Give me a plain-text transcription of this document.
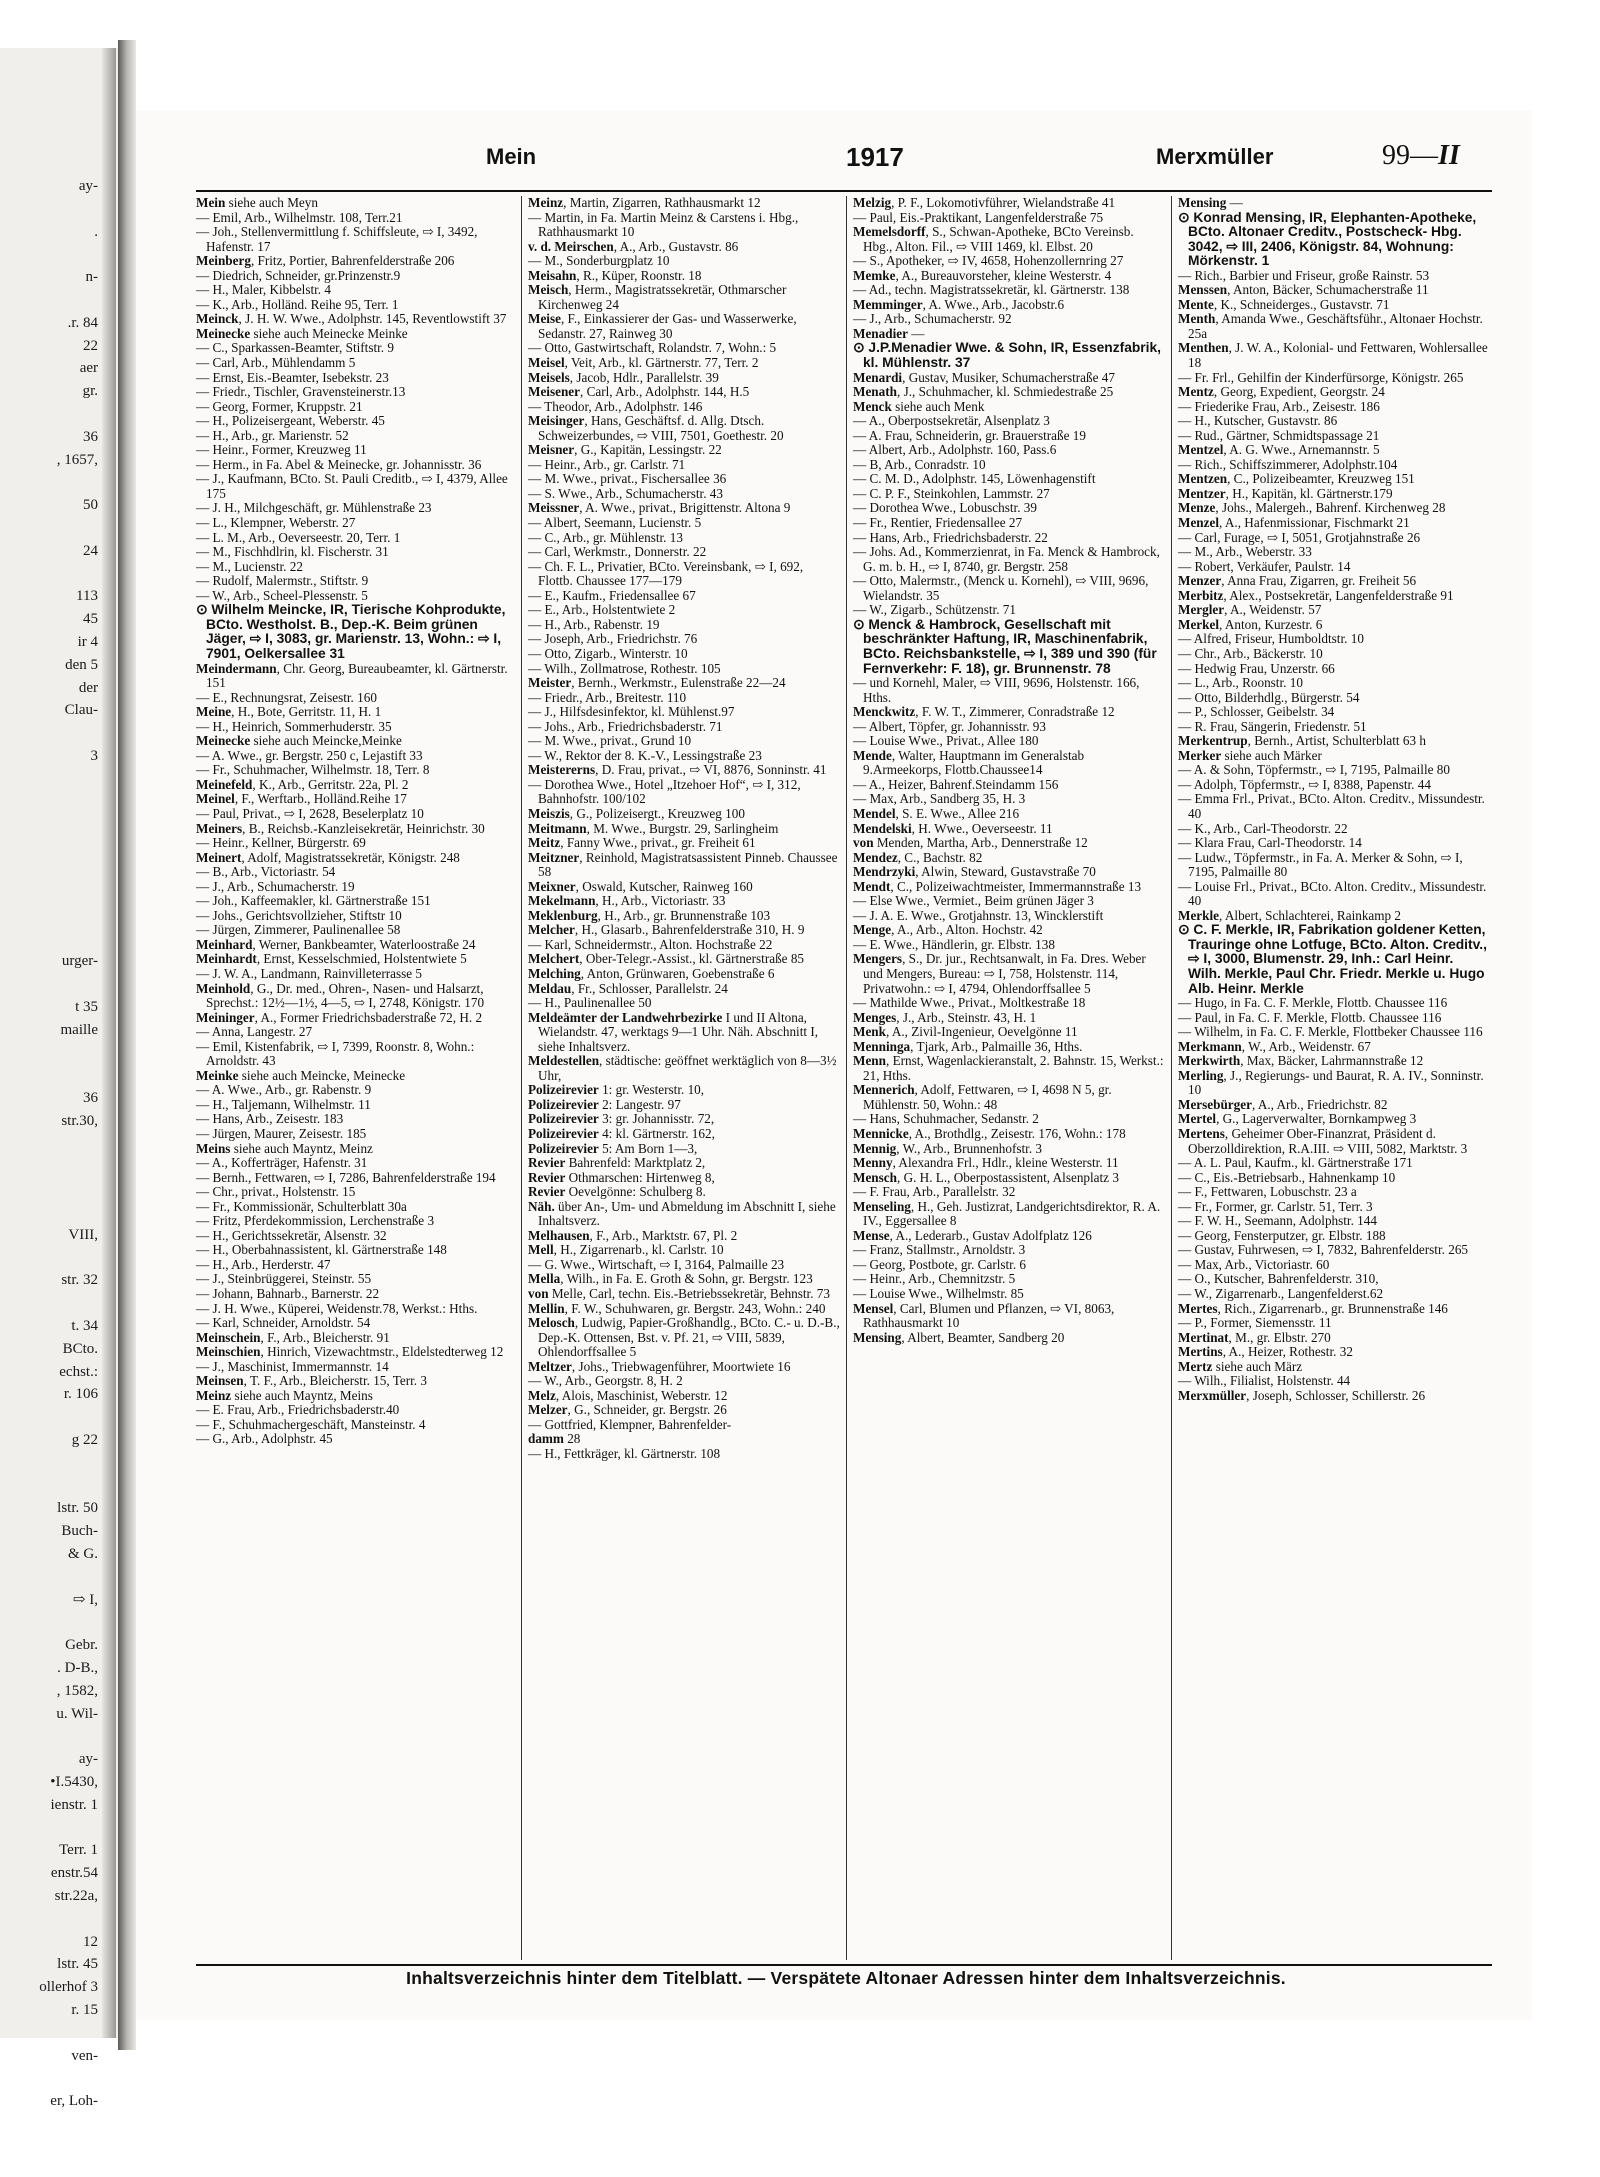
ay-
.
n-
.r. 84
22
aer
gr.
36
, 1657,
50
24
113
45
ir 4
den 5
der
Clau-
3
urger-
t 35
maille
36
str.30,
VIII,
str. 32
t. 34
BCto.
echst.:
r. 106
g 22
lstr. 50
Buch-
& G.
⇨ I,
Gebr.
. D-B.,
, 1582,
u. Wil-
ay-
•I.5430,
ienstr. 1
Terr. 1
enstr.54
str.22a,
12
lstr. 45
ollerhof 3
r. 15
ven-
er, Loh-
Mein	1917	Merxmüller	99—II

Mein siehe auch Meyn

— Emil, Arb., Wilhelmstr. 108, Terr.21

— Joh., Stellenvermittlung f. Schiffsleute, ⇨ I, 3492, Hafenstr. 17

Meinberg, Fritz, Portier, Bahrenfelderstraße 206

— Diedrich, Schneider, gr.Prinzenstr.9

— H., Maler, Kibbelstr. 4

— K., Arb., Holländ. Reihe 95, Terr. 1

Meinck, J. H. W. Wwe., Adolphstr. 145, Reventlowstift 37

Meinecke siehe auch Meinecke Meinke

— C., Sparkassen-Beamter, Stiftstr. 9

— Carl, Arb., Mühlendamm 5

— Ernst, Eis.-Beamter, Isebekstr. 23

— Friedr., Tischler, Gravensteinerstr.13

— Georg, Former, Kruppstr. 21

— H., Polizeisergeant, Weberstr. 45

— H., Arb., gr. Marienstr. 52

— Heinr., Former, Kreuzweg 11

— Herm., in Fa. Abel & Meinecke, gr. Johannisstr. 36

— J., Kaufmann, BCto. St. Pauli Creditb., ⇨ I, 4379, Allee 175

— J. H., Milchgeschäft, gr. Mühlenstraße 23

— L., Klempner, Weberstr. 27

— L. M., Arb., Oeverseestr. 20, Terr. 1

— M., Fischhdlrin, kl. Fischerstr. 31

— M., Lucienstr. 22

— Rudolf, Malermstr., Stiftstr. 9

— W., Arb., Scheel-Plessenstr. 5

⊙ Wilhelm Meincke, IR, Tierische Kohprodukte, BCto. Westholst. B., Dep.-K. Beim grünen Jäger, ⇨ I, 3083, gr. Marienstr. 13, Wohn.: ⇨ I, 7901, Oelkersallee 31

Meindermann, Chr. Georg, Bureaubeamter, kl. Gärtnerstr. 151

— E., Rechnungsrat, Zeisestr. 160

Meine, H., Bote, Gerritstr. 11, H. 1

— H., Heinrich, Sommerhuderstr. 35

Meinecke siehe auch Meincke,Meinke

— A. Wwe., gr. Bergstr. 250 c, Lejastift 33

— Fr., Schuhmacher, Wilhelmstr. 18, Terr. 8

Meinefeld, K., Arb., Gerritstr. 22a, Pl. 2

Meinel, F., Werftarb., Holländ.Reihe 17

— Paul, Privat., ⇨ I, 2628, Beselerplatz 10

Meiners, B., Reichsb.-Kanzleisekretär, Heinrichstr. 30

— Heinr., Kellner, Bürgerstr. 69

Meinert, Adolf, Magistratssekretär, Königstr. 248

— B., Arb., Victoriastr. 54

— J., Arb., Schumacherstr. 19

— Joh., Kaffeemakler, kl. Gärtnerstraße 151

— Johs., Gerichtsvollzieher, Stiftstr 10

— Jürgen, Zimmerer, Paulinenallee 58

Meinhard, Werner, Bankbeamter, Waterloostraße 24

Meinhardt, Ernst, Kesselschmied, Holstentwiete 5

— J. W. A., Landmann, Rainvilleterrasse 5

Meinhold, G., Dr. med., Ohren-, Nasen- und Halsarzt, Sprechst.: 12½—1½, 4—5, ⇨ I, 2748, Königstr. 170

Meininger, A., Former Friedrichsbaderstraße 72, H. 2

— Anna, Langestr. 27

— Emil, Kistenfabrik, ⇨ I, 7399, Roonstr. 8, Wohn.: Arnoldstr. 43

Meinke siehe auch Meincke, Meinecke

— A. Wwe., Arb., gr. Rabenstr. 9

— H., Taljemann, Wilhelmstr. 11

— Hans, Arb., Zeisestr. 183

— Jürgen, Maurer, Zeisestr. 185

Meins siehe auch Mayntz, Meinz

— A., Kofferträger, Hafenstr. 31

— Bernh., Fettwaren, ⇨ I, 7286, Bahrenfelderstraße 194

— Chr., privat., Holstenstr. 15

— Fr., Kommissionär, Schulterblatt 30a

— Fritz, Pferdekommission, Lerchenstraße 3

— H., Gerichtssekretär, Alsenstr. 32

— H., Oberbahnassistent, kl. Gärtnerstraße 148

— H., Arb., Herderstr. 47

— J., Steinbrüggerei, Steinstr. 55

— Johann, Bahnarb., Barnerstr. 22

— J. H. Wwe., Küperei, Weidenstr.78, Werkst.: Hths.

— Karl, Schneider, Arnoldstr. 54

Meinschein, F., Arb., Bleicherstr. 91

Meinschien, Hinrich, Vizewachtmstr., Eldelstedterweg 12

— J., Maschinist, Immermannstr. 14

Meinsen, T. F., Arb., Bleicherstr. 15, Terr. 3

Meinz siehe auch Mayntz, Meins

— E. Frau, Arb., Friedrichsbaderstr.40

— F., Schuhmachergeschäft, Mansteinstr. 4

— G., Arb., Adolphstr. 45

Meinz, Martin, Zigarren, Rathhausmarkt 12

— Martin, in Fa. Martin Meinz & Carstens i. Hbg., Rathhausmarkt 10

v. d. Meirschen, A., Arb., Gustavstr. 86

— M., Sonderburgplatz 10

Meisahn, R., Küper, Roonstr. 18

Meisch, Herm., Magistratssekretär, Othmarscher Kirchenweg 24

Meise, F., Einkassierer der Gas- und Wasserwerke, Sedanstr. 27, Rainweg 30

— Otto, Gastwirtschaft, Rolandstr. 7, Wohn.: 5

Meisel, Veit, Arb., kl. Gärtnerstr. 77, Terr. 2

Meisels, Jacob, Hdlr., Parallelstr. 39

Meisener, Carl, Arb., Adolphstr. 144, H.5

— Theodor, Arb., Adolphstr. 146

Meisinger, Hans, Geschäftsf. d. Allg. Dtsch. Schweizerbundes, ⇨ VIII, 7501, Goethestr. 20

Meisner, G., Kapitän, Lessingstr. 22

— Heinr., Arb., gr. Carlstr. 71

— M. Wwe., privat., Fischersallee 36

— S. Wwe., Arb., Schumacherstr. 43

Meissner, A. Wwe., privat., Brigittenstr. Altona 9

— Albert, Seemann, Lucienstr. 5

— C., Arb., gr. Mühlenstr. 13

— Carl, Werkmstr., Donnerstr. 22

— Ch. F. L., Privatier, BCto. Vereinsbank, ⇨ I, 692, Flottb. Chaussee 177—179

— E., Kaufm., Friedensallee 67

— E., Arb., Holstentwiete 2

— H., Arb., Rabenstr. 19

— Joseph, Arb., Friedrichstr. 76

— Otto, Zigarb., Winterstr. 10

— Wilh., Zollmatrose, Rothestr. 105

Meister, Bernh., Werkmstr., Eulenstraße 22—24

— Friedr., Arb., Breitestr. 110

— J., Hilfsdesinfektor, kl. Mühlenst.97

— Johs., Arb., Friedrichsbaderstr. 71

— M. Wwe., privat., Grund 10

— W., Rektor der 8. K.-V., Lessingstraße 23

Meistererns, D. Frau, privat., ⇨ VI, 8876, Sonninstr. 41

— Dorothea Wwe., Hotel „Itzehoer Hof“, ⇨ I, 312, Bahnhofstr. 100/102

Meiszis, G., Polizeisergt., Kreuzweg 100

Meitmann, M. Wwe., Burgstr. 29, Sarlingheim

Meitz, Fanny Wwe., privat., gr. Freiheit 61

Meitzner, Reinhold, Magistratsassistent Pinneb. Chaussee 58

Meixner, Oswald, Kutscher, Rainweg 160

Mekelmann, H., Arb., Victoriastr. 33

Meklenburg, H., Arb., gr. Brunnenstraße 103

Melcher, H., Glasarb., Bahrenfelderstraße 310, H. 9

— Karl, Schneidermstr., Alton. Hochstraße 22

Melchert, Ober-Telegr.-Assist., kl. Gärtnerstraße 85

Melching, Anton, Grünwaren, Goebenstraße 6

Meldau, Fr., Schlosser, Parallelstr. 24

— H., Paulinenallee 50

Meldeämter der Landwehrbezirke I und II Altona, Wielandstr. 47, werktags 9—1 Uhr. Näh. Abschnitt I, siehe Inhaltsverz.

Meldestellen, städtische: geöffnet werktäglich von 8—3½ Uhr,

Polizeirevier 1: gr. Westerstr. 10,

Polizeirevier 2: Langestr. 97

Polizeirevier 3: gr. Johannisstr. 72,

Polizeirevier 4: kl. Gärtnerstr. 162,

Polizeirevier 5: Am Born 1—3,

Revier Bahrenfeld: Marktplatz 2,

Revier Othmarschen: Hirtenweg 8,

Revier Oevelgönne: Schulberg 8.

Näh. über An-, Um- und Abmeldung im Abschnitt I, siehe Inhaltsverz.

Melhausen, F., Arb., Marktstr. 67, Pl. 2

Mell, H., Zigarrenarb., kl. Carlstr. 10

— G. Wwe., Wirtschaft, ⇨ I, 3164, Palmaille 23

Mella, Wilh., in Fa. E. Groth & Sohn, gr. Bergstr. 123

von Melle, Carl, techn. Eis.-Betriebssekretär, Behnstr. 73

Mellin, F. W., Schuhwaren, gr. Bergstr. 243, Wohn.: 240

Melosch, Ludwig, Papier-Großhandlg., BCto. C.- u. D.-B., Dep.-K. Ottensen, Bst. v. Pf. 21, ⇨ VIII, 5839, Ohlendorffsallee 5

Meltzer, Johs., Triebwagenführer, Moortwiete 16

— W., Arb., Georgstr. 8, H. 2

Melz, Alois, Maschinist, Weberstr. 12

Melzer, G., Schneider, gr. Bergstr. 26

— Gottfried, Klempner, Bahrenfelder-

damm 28

— H., Fettkräger, kl. Gärtnerstr. 108

Melzig, P. F., Lokomotivführer, Wielandstraße 41

— Paul, Eis.-Praktikant, Langenfelderstraße 75

Memelsdorff, S., Schwan-Apotheke, BCto Vereinsb. Hbg., Alton. Fil., ⇨ VIII 1469, kl. Elbst. 20

— S., Apotheker, ⇨ IV, 4658, Hohenzollernring 27

Memke, A., Bureauvorsteher, kleine Westerstr. 4

— Ad., techn. Magistratssekretär, kl. Gärtnerstr. 138

Memminger, A. Wwe., Arb., Jacobstr.6

— J., Arb., Schumacherstr. 92

Menadier —

⊙ J.P.Menadier Wwe. & Sohn, IR, Essenzfabrik, kl. Mühlenstr. 37

Menardi, Gustav, Musiker, Schumacherstraße 47

Menath, J., Schuhmacher, kl. Schmiedestraße 25

Menck siehe auch Menk

— A., Oberpostsekretär, Alsenplatz 3

— A. Frau, Schneiderin, gr. Brauerstraße 19

— Albert, Arb., Adolphstr. 160, Pass.6

— B, Arb., Conradstr. 10

— C. M. D., Adolphstr. 145, Löwenhagenstift

— C. P. F., Steinkohlen, Lammstr. 27

— Dorothea Wwe., Lobuschstr. 39

— Fr., Rentier, Friedensallee 27

— Hans, Arb., Friedrichsbaderstr. 22

— Johs. Ad., Kommerzienrat, in Fa. Menck & Hambrock, G. m. b. H., ⇨ I, 8740, gr. Bergstr. 258

— Otto, Malermstr., (Menck u. Kornehl), ⇨ VIII, 9696, Wielandstr. 35

— W., Zigarb., Schützenstr. 71

⊙ Menck & Hambrock, Gesellschaft mit beschränkter Haftung, IR, Maschinenfabrik, BCto. Reichsbankstelle, ⇨ I, 389 und 390 (für Fernverkehr: F. 18), gr. Brunnenstr. 78

— und Kornehl, Maler, ⇨ VIII, 9696, Holstenstr. 166, Hths.

Menckwitz, F. W. T., Zimmerer, Conradstraße 12

— Albert, Töpfer, gr. Johannisstr. 93

— Louise Wwe., Privat., Allee 180

Mende, Walter, Hauptmann im Generalstab 9.Armeekorps, Flottb.Chaussee14

— A., Heizer, Bahrenf.Steindamm 156

— Max, Arb., Sandberg 35, H. 3

Mendel, S. E. Wwe., Allee 216

Mendelski, H. Wwe., Oeverseestr. 11

von Menden, Martha, Arb., Dennerstraße 12

Mendez, C., Bachstr. 82

Mendrzyki, Alwin, Steward, Gustavstraße 70

Mendt, C., Polizeiwachtmeister, Immermannstraße 13

— Else Wwe., Vermiet., Beim grünen Jäger 3

— J. A. E. Wwe., Grotjahnstr. 13, Wincklerstift

Menge, A., Arb., Alton. Hochstr. 42

— E. Wwe., Händlerin, gr. Elbstr. 138

Mengers, S., Dr. jur., Rechtsanwalt, in Fa. Dres. Weber und Mengers, Bureau: ⇨ I, 758, Holstenstr. 114, Privatwohn.: ⇨ I, 4794, Ohlendorffsallee 5

— Mathilde Wwe., Privat., Moltkestraße 18

Menges, J., Arb., Steinstr. 43, H. 1

Menk, A., Zivil-Ingenieur, Oevelgönne 11

Menninga, Tjark, Arb., Palmaille 36, Hths.

Menn, Ernst, Wagenlackieranstalt, 2. Bahnstr. 15, Werkst.: 21, Hths.

Mennerich, Adolf, Fettwaren, ⇨ I, 4698 N 5, gr. Mühlenstr. 50, Wohn.: 48

— Hans, Schuhmacher, Sedanstr. 2

Mennicke, A., Brothdlg., Zeisestr. 176, Wohn.: 178

Mennig, W., Arb., Brunnenhofstr. 3

Menny, Alexandra Frl., Hdlr., kleine Westerstr. 11

Mensch, G. H. L., Oberpostassistent, Alsenplatz 3

— F. Frau, Arb., Parallelstr. 32

Menseling, H., Geh. Justizrat, Landgerichtsdirektor, R. A. IV., Eggersallee 8

Mense, A., Lederarb., Gustav Adolfplatz 126

— Franz, Stallmstr., Arnoldstr. 3

— Georg, Postbote, gr. Carlstr. 6

— Heinr., Arb., Chemnitzstr. 5

— Louise Wwe., Wilhelmstr. 85

Mensel, Carl, Blumen und Pflanzen, ⇨ VI, 8063, Rathhausmarkt 10

Mensing, Albert, Beamter, Sandberg 20

Mensing —

⊙ Konrad Mensing, IR, Elephanten-Apotheke, BCto. Altonaer Creditv., Postscheck- Hbg. 3042, ⇨ III, 2406, Königstr. 84, Wohnung: Mörkenstr. 1

— Rich., Barbier und Friseur, große Rainstr. 53

Menssen, Anton, Bäcker, Schumacherstraße 11

Mente, K., Schneiderges., Gustavstr. 71

Menth, Amanda Wwe., Geschäftsführ., Altonaer Hochstr. 25a

Menthen, J. W. A., Kolonial- und Fettwaren, Wohlersallee 18

— Fr. Frl., Gehilfin der Kinderfürsorge, Königstr. 265

Mentz, Georg, Expedient, Georgstr. 24

— Friederike Frau, Arb., Zeisestr. 186

— H., Kutscher, Gustavstr. 86

— Rud., Gärtner, Schmidtspassage 21

Mentzel, A. G. Wwe., Arnemannstr. 5

— Rich., Schiffszimmerer, Adolphstr.104

Mentzen, C., Polizeibeamter, Kreuzweg 151

Mentzer, H., Kapitän, kl. Gärtnerstr.179

Menze, Johs., Malergeh., Bahrenf. Kirchenweg 28

Menzel, A., Hafenmissionar, Fischmarkt 21

— Carl, Furage, ⇨ I, 5051, Grotjahnstraße 26

— M., Arb., Weberstr. 33

— Robert, Verkäufer, Paulstr. 14

Menzer, Anna Frau, Zigarren, gr. Freiheit 56

Merbitz, Alex., Postsekretär, Langenfelderstraße 91

Mergler, A., Weidenstr. 57

Merkel, Anton, Kurzestr. 6

— Alfred, Friseur, Humboldtstr. 10

— Chr., Arb., Bäckerstr. 10

— Hedwig Frau, Unzerstr. 66

— L., Arb., Roonstr. 10

— Otto, Bilderhdlg., Bürgerstr. 54

— P., Schlosser, Geibelstr. 34

— R. Frau, Sängerin, Friedenstr. 51

Merkentrup, Bernh., Artist, Schulterblatt 63 h

Merker siehe auch Märker

— A. & Sohn, Töpfermstr., ⇨ I, 7195, Palmaille 80

— Adolph, Töpfermstr., ⇨ I, 8388, Papenstr. 44

— Emma Frl., Privat., BCto. Alton. Creditv., Missundestr. 40

— K., Arb., Carl-Theodorstr. 22

— Klara Frau, Carl-Theodorstr. 14

— Ludw., Töpfermstr., in Fa. A. Merker & Sohn, ⇨ I, 7195, Palmaille 80

— Louise Frl., Privat., BCto. Alton. Creditv., Missundestr. 40

Merkle, Albert, Schlachterei, Rainkamp 2

⊙ C. F. Merkle, IR, Fabrikation goldener Ketten, Trauringe ohne Lotfuge, BCto. Alton. Creditv., ⇨ I, 3000, Blumenstr. 29, Inh.: Carl Heinr. Wilh. Merkle, Paul Chr. Friedr. Merkle u. Hugo Alb. Heinr. Merkle

— Hugo, in Fa. C. F. Merkle, Flottb. Chaussee 116

— Paul, in Fa. C. F. Merkle, Flottb. Chaussee 116

— Wilhelm, in Fa. C. F. Merkle, Flottbeker Chaussee 116

Merkmann, W., Arb., Weidenstr. 67

Merkwirth, Max, Bäcker, Lahrmannstraße 12

Merling, J., Regierungs- und Baurat, R. A. IV., Sonninstr. 10

Mersebürger, A., Arb., Friedrichstr. 82

Mertel, G., Lagerverwalter, Bornkampweg 3

Mertens, Geheimer Ober-Finanzrat, Präsident d. Oberzolldirektion, R.A.III. ⇨ VIII, 5082, Marktstr. 3

— A. L. Paul, Kaufm., kl. Gärtnerstraße 171

— C., Eis.-Betriebsarb., Hahnenkamp 10

— F., Fettwaren, Lobuschstr. 23 a

— Fr., Former, gr. Carlstr. 51, Terr. 3

— F. W. H., Seemann, Adolphstr. 144

— Georg, Fensterputzer, gr. Elbstr. 188

— Gustav, Fuhrwesen, ⇨ I, 7832, Bahrenfelderstr. 265

— Max, Arb., Victoriastr. 60

— O., Kutscher, Bahrenfelderstr. 310,

— W., Zigarrenarb., Langenfelderst.62

Mertes, Rich., Zigarrenarb., gr. Brunnenstraße 146

— P., Former, Siemensstr. 11

Mertinat, M., gr. Elbstr. 270

Mertins, A., Heizer, Rothestr. 32

Mertz siehe auch März

— Wilh., Filialist, Holstenstr. 44

Merxmüller, Joseph, Schlosser, Schillerstr. 26

Inhaltsverzeichnis hinter dem Titelblatt. — Verspätete Altonaer Adressen hinter dem Inhaltsverzeichnis.
